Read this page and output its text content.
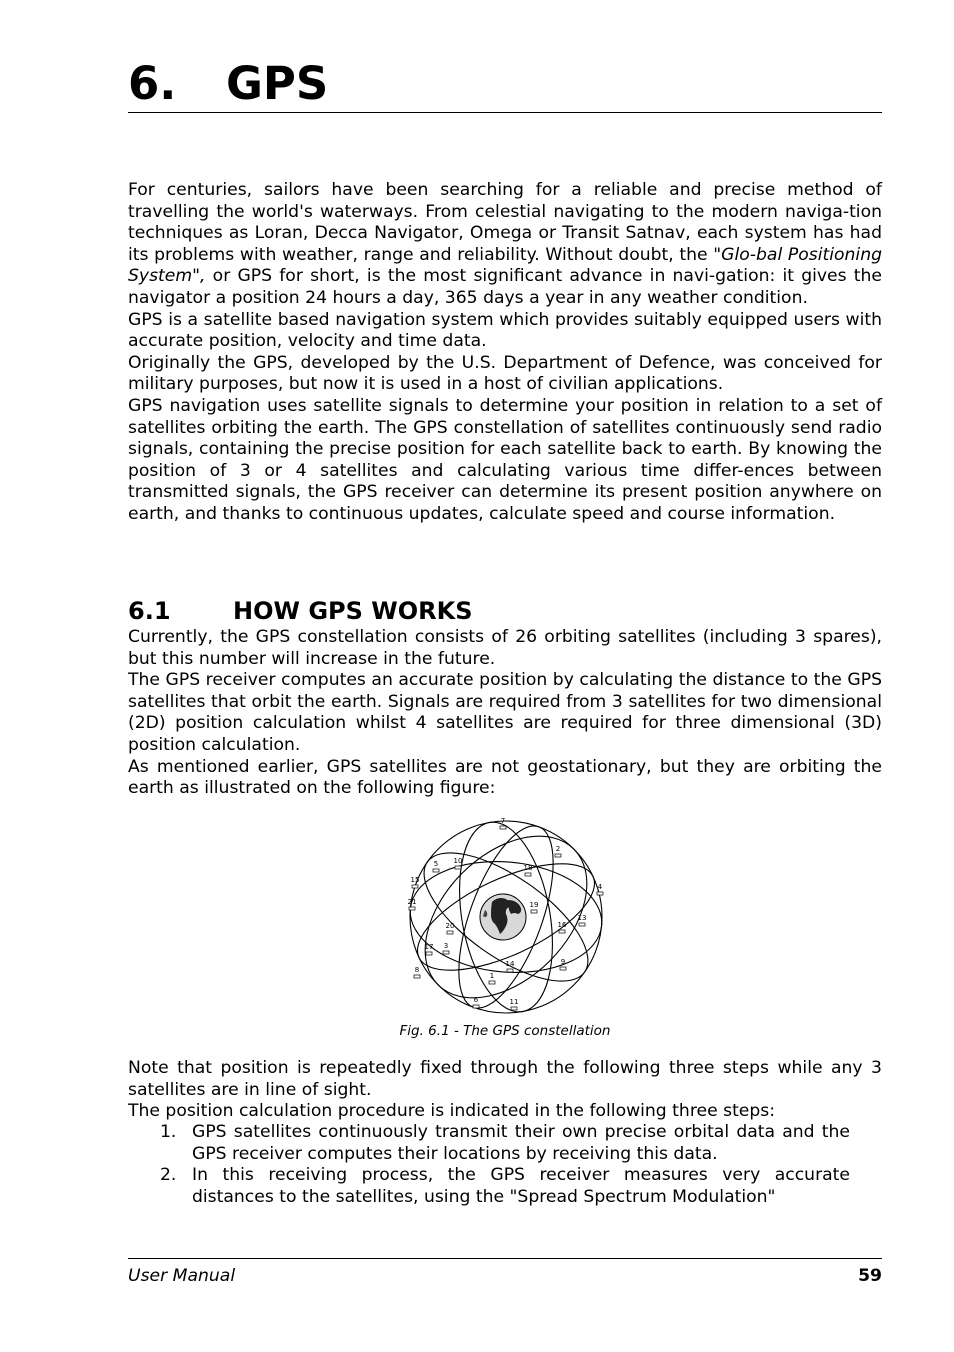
6. GPS

For centuries, sailors have been searching for a reliable and precise method of travelling the world's waterways. From celestial navigating to the modern naviga-tion techniques as Loran, Decca Navigator, Omega or Transit Satnav, each system has had its problems with weather, range and reliability. Without doubt, the "Glo-bal Positioning System", or GPS for short, is the most significant advance in navi-gation: it gives the navigator a position 24 hours a day, 365 days a year in any weather condition.

GPS is a satellite based navigation system which provides suitably equipped users with accurate position, velocity and time data.

Originally the GPS, developed by the U.S. Department of Defence, was conceived for military purposes, but now it is used in a host of civilian applications.

GPS navigation uses satellite signals to determine your position in relation to a set of satellites orbiting the earth. The GPS constellation of satellites continuously send radio signals, containing the precise position for each satellite back to earth. By knowing the position of 3 or 4 satellites and calculating various time differ-ences between transmitted signals, the GPS receiver can determine its present position anywhere on earth, and thanks to continuous updates, calculate speed and course information.

6.1	HOW GPS WORKS

Currently, the GPS constellation consists of 26 orbiting satellites (including 3 spares), but this number will increase in the future.

The GPS receiver computes an accurate position by calculating the distance to the GPS satellites that orbit the earth. Signals are required from 3 satellites for two dimensional (2D) position calculation whilst 4 satellites are required for three dimensional (3D) position calculation.

As mentioned earlier, GPS satellites are not geostationary, but they are orbiting the earth as illustrated on the following figure:

7
2
4
5 10
18
15
21	19
13
16
20
17 3
9
14
8
1
6	11
Fig. 6.1 - The GPS constellation

Note that position is repeatedly fixed through the following three steps while any 3 satellites are in line of sight.

The position calculation procedure is indicated in the following three steps:

1. GPS satellites continuously transmit their own precise orbital data and the GPS receiver computes their locations by receiving this data.
2. In this receiving process, the GPS receiver measures very accurate distances to the satellites, using the "Spread Spectrum Modulation"
User Manual	59
